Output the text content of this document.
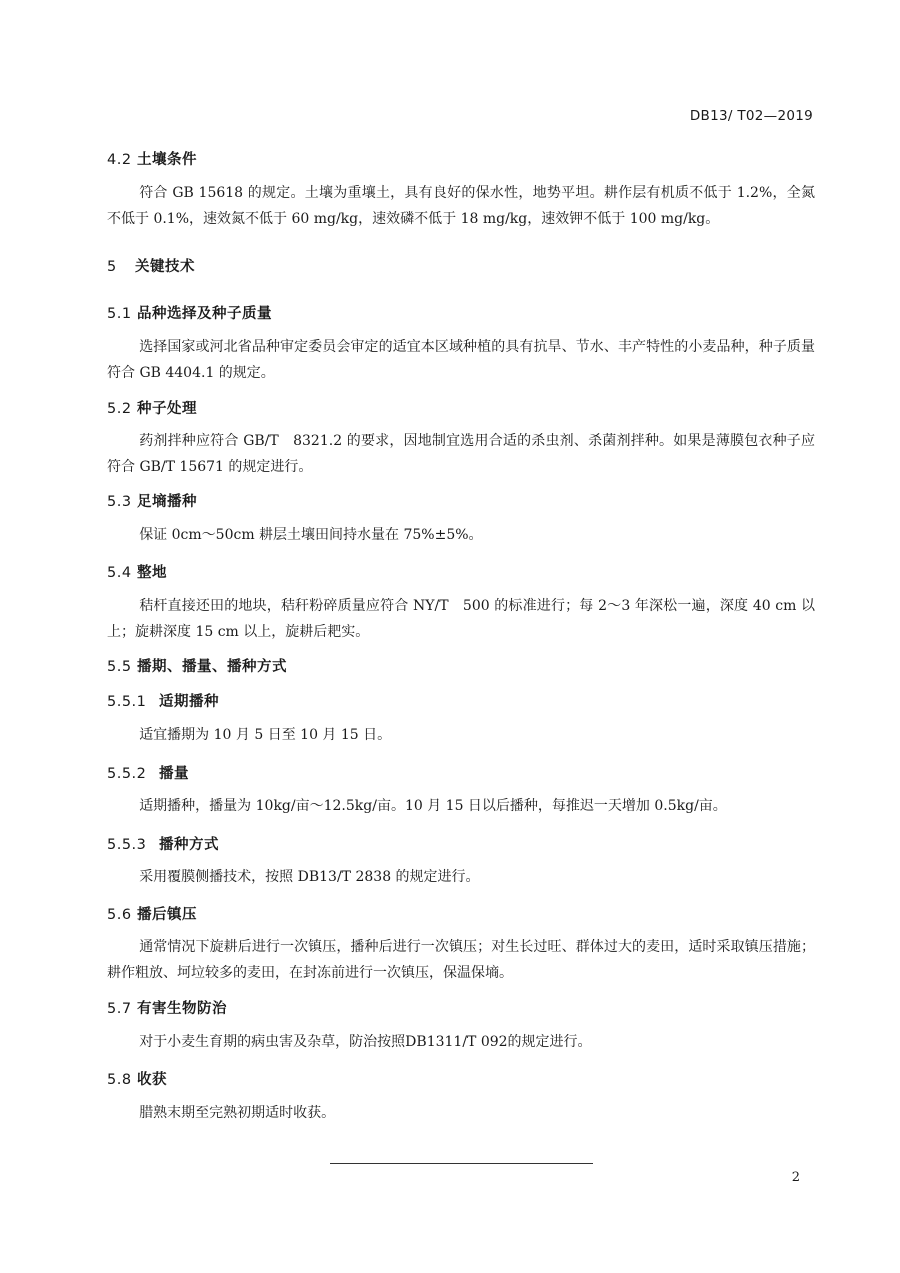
DB13/ T02—2019
4.2 土壤条件
符合 GB 15618 的规定。土壤为重壤土，具有良好的保水性，地势平坦。耕作层有机质不低于 1.2%，全氮不低于 0.1%，速效氮不低于 60 mg/kg，速效磷不低于 18 mg/kg，速效钾不低于 100 mg/kg。
5 关键技术
5.1 品种选择及种子质量
选择国家或河北省品种审定委员会审定的适宜本区域种植的具有抗旱、节水、丰产特性的小麦品种，种子质量符合 GB 4404.1 的规定。
5.2 种子处理
药剂拌种应符合 GB/T　8321.2 的要求，因地制宜选用合适的杀虫剂、杀菌剂拌种。如果是薄膜包衣种子应符合 GB/T 15671 的规定进行。
5.3 足墒播种
保证 0cm～50cm 耕层土壤田间持水量在 75%±5%。
5.4 整地
秸杆直接还田的地块，秸秆粉碎质量应符合 NY/T　500 的标准进行；每 2～3 年深松一遍，深度 40 cm 以上；旋耕深度 15 cm 以上，旋耕后耙实。
5.5 播期、播量、播种方式
5.5.1 适期播种
适宜播期为 10 月 5 日至 10 月 15 日。
5.5.2 播量
适期播种，播量为 10kg/亩～12.5kg/亩。10 月 15 日以后播种，每推迟一天增加 0.5kg/亩。
5.5.3 播种方式
采用覆膜侧播技术，按照 DB13/T 2838 的规定进行。
5.6 播后镇压
通常情况下旋耕后进行一次镇压，播种后进行一次镇压；对生长过旺、群体过大的麦田，适时采取镇压措施；耕作粗放、坷垃较多的麦田，在封冻前进行一次镇压，保温保墒。
5.7 有害生物防治
对于小麦生育期的病虫害及杂草，防治按照DB1311/T 092的规定进行。
5.8 收获
腊熟末期至完熟初期适时收获。
2
